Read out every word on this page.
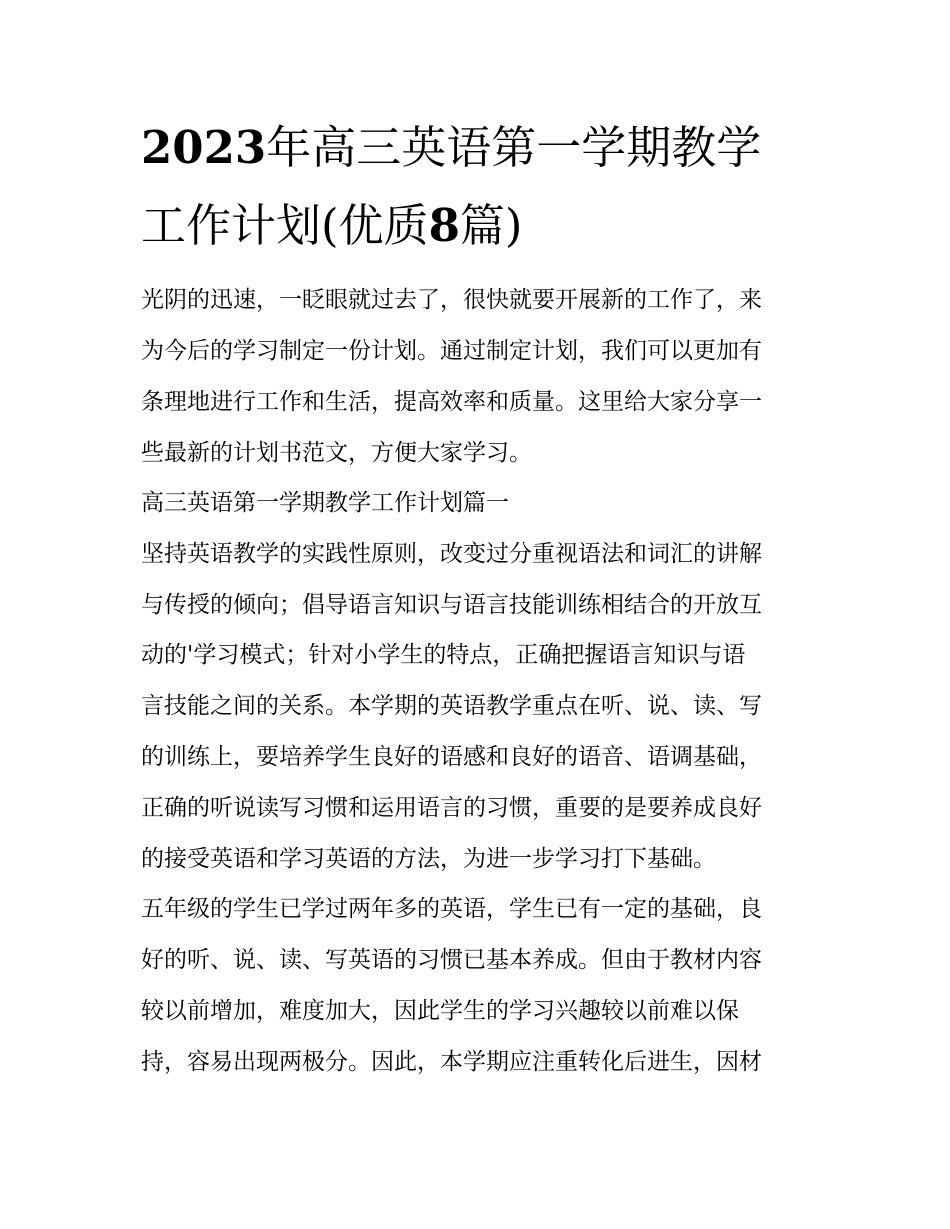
2023年高三英语第一学期教学
工作计划(优质8篇)
光阴的迅速，一眨眼就过去了，很快就要开展新的工作了，来
为今后的学习制定一份计划。通过制定计划，我们可以更加有
条理地进行工作和生活，提高效率和质量。这里给大家分享一
些最新的计划书范文，方便大家学习。
高三英语第一学期教学工作计划篇一
坚持英语教学的实践性原则，改变过分重视语法和词汇的讲解
与传授的倾向；倡导语言知识与语言技能训练相结合的开放互
动的'学习模式；针对小学生的特点，正确把握语言知识与语
言技能之间的关系。本学期的英语教学重点在听、说、读、写
的训练上，要培养学生良好的语感和良好的语音、语调基础，
正确的听说读写习惯和运用语言的习惯，重要的是要养成良好
的接受英语和学习英语的方法，为进一步学习打下基础。
五年级的学生已学过两年多的英语，学生已有一定的基础，良
好的听、说、读、写英语的习惯已基本养成。但由于教材内容
较以前增加，难度加大，因此学生的学习兴趣较以前难以保
持，容易出现两极分。因此，本学期应注重转化后进生，因材
